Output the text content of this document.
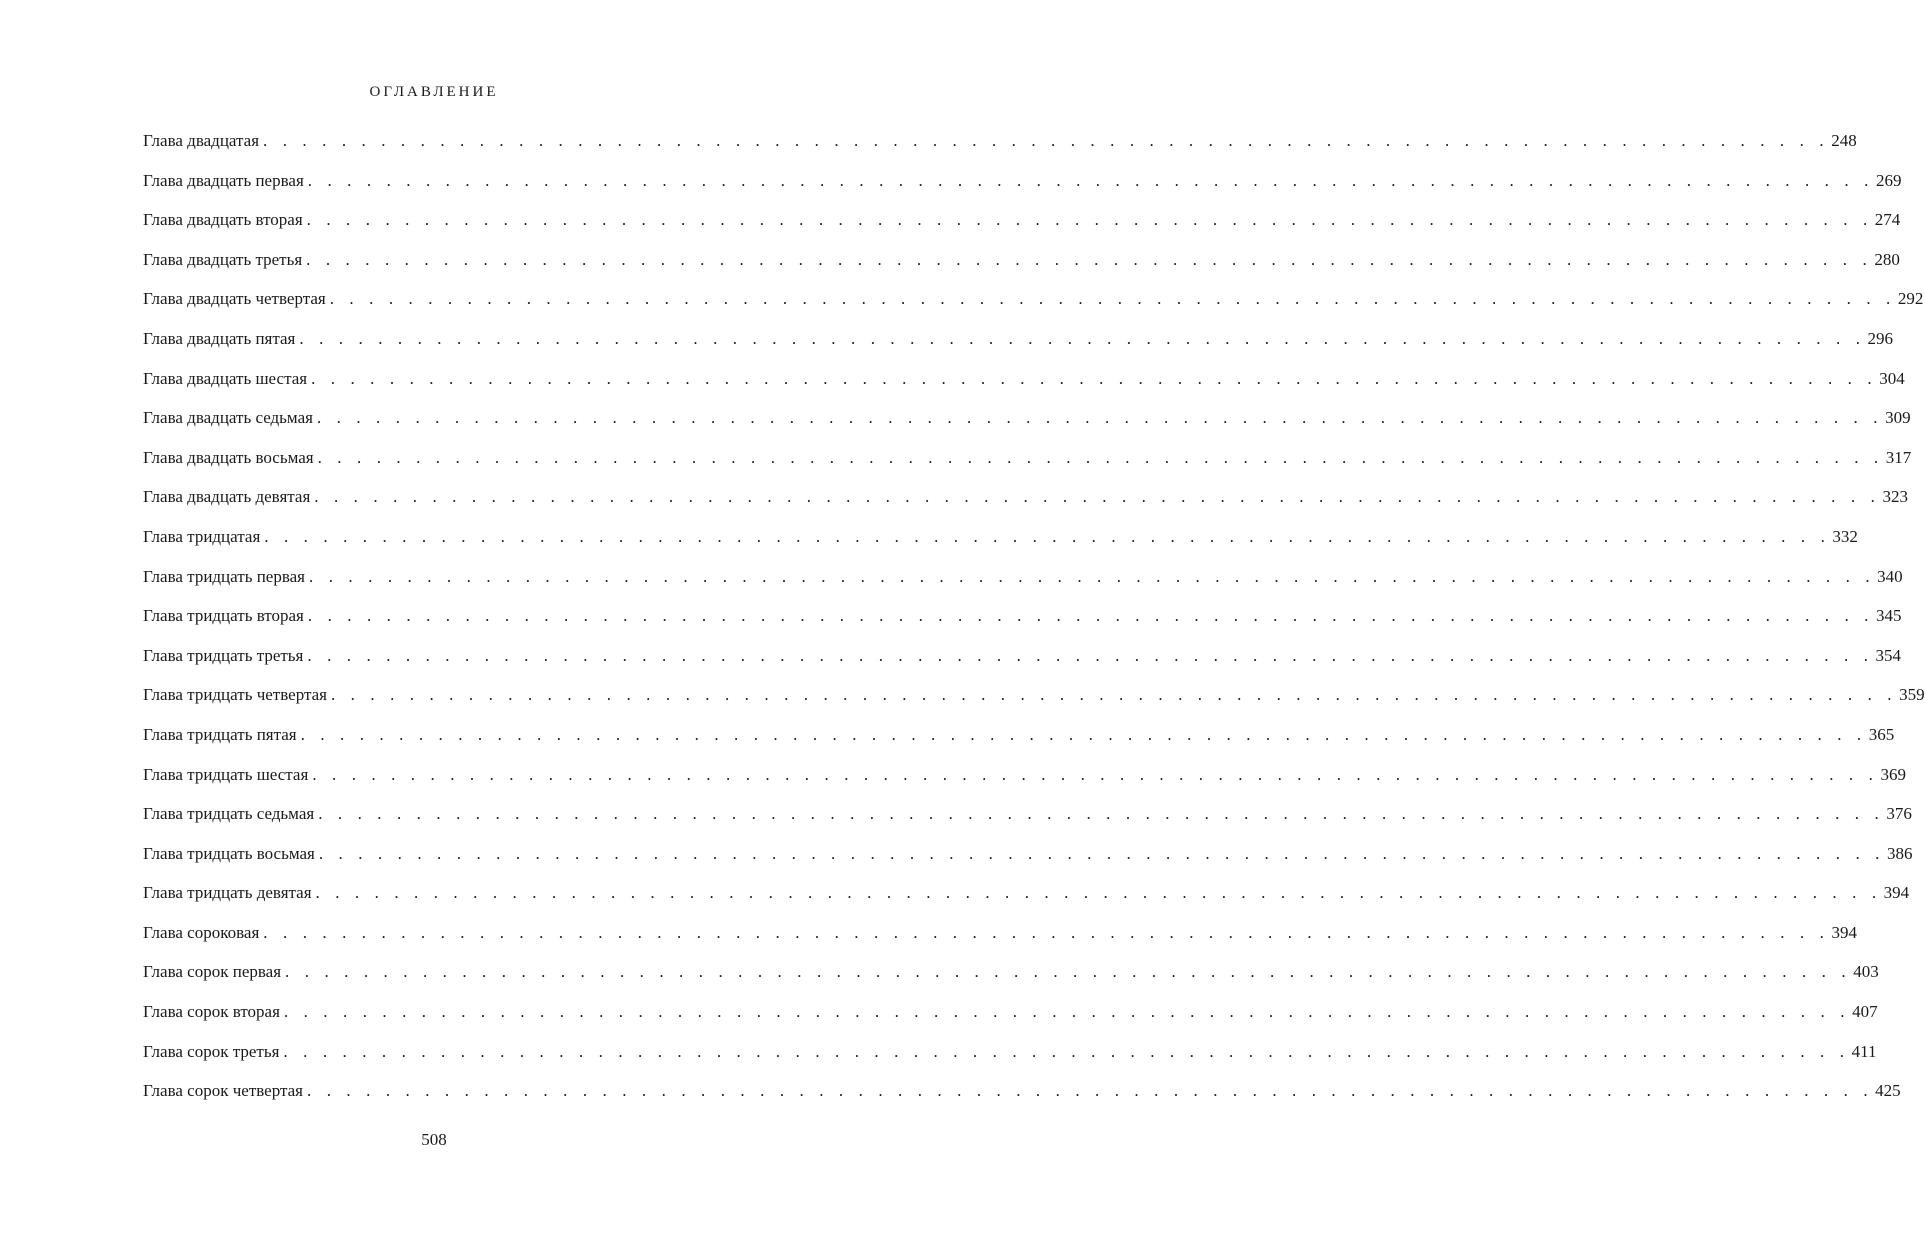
ОГЛАВЛЕНИЕ
Глава двадцатая . . . . . . . . . . . . . . . . . . . . . . . . . . . . . . . . . . . . . . . . . . . . . . . . . . . . . . . . . . . . . . . . . . . . . . . . . . . . . . . . 248
Глава двадцать первая . . . . . . . . . . . . . . . . . . . . . . . . . . . . . . . . . . . . . . . . . . . . . . . . . . . . . . . . . . . . . . . . . . . . . . . . . . . . . . . . 269
Глава двадцать вторая . . . . . . . . . . . . . . . . . . . . . . . . . . . . . . . . . . . . . . . . . . . . . . . . . . . . . . . . . . . . . . . . . . . . . . . . . . . . . . . . 274
Глава двадцать третья . . . . . . . . . . . . . . . . . . . . . . . . . . . . . . . . . . . . . . . . . . . . . . . . . . . . . . . . . . . . . . . . . . . . . . . . . . . . . . . . 280
Глава двадцать четвертая . . . . . . . . . . . . . . . . . . . . . . . . . . . . . . . . . . . . . . . . . . . . . . . . . . . . . . . . . . . . . . . . . . . . . . . . . . . . . . . . 292
Глава двадцать пятая . . . . . . . . . . . . . . . . . . . . . . . . . . . . . . . . . . . . . . . . . . . . . . . . . . . . . . . . . . . . . . . . . . . . . . . . . . . . . . . . 296
Глава двадцать шестая . . . . . . . . . . . . . . . . . . . . . . . . . . . . . . . . . . . . . . . . . . . . . . . . . . . . . . . . . . . . . . . . . . . . . . . . . . . . . . . . 304
Глава двадцать седьмая . . . . . . . . . . . . . . . . . . . . . . . . . . . . . . . . . . . . . . . . . . . . . . . . . . . . . . . . . . . . . . . . . . . . . . . . . . . . . . . . 309
Глава двадцать восьмая . . . . . . . . . . . . . . . . . . . . . . . . . . . . . . . . . . . . . . . . . . . . . . . . . . . . . . . . . . . . . . . . . . . . . . . . . . . . . . . . 317
Глава двадцать девятая . . . . . . . . . . . . . . . . . . . . . . . . . . . . . . . . . . . . . . . . . . . . . . . . . . . . . . . . . . . . . . . . . . . . . . . . . . . . . . . . 323
Глава тридцатая . . . . . . . . . . . . . . . . . . . . . . . . . . . . . . . . . . . . . . . . . . . . . . . . . . . . . . . . . . . . . . . . . . . . . . . . . . . . . . . . 332
Глава тридцать первая . . . . . . . . . . . . . . . . . . . . . . . . . . . . . . . . . . . . . . . . . . . . . . . . . . . . . . . . . . . . . . . . . . . . . . . . . . . . . . . . 340
Глава тридцать вторая . . . . . . . . . . . . . . . . . . . . . . . . . . . . . . . . . . . . . . . . . . . . . . . . . . . . . . . . . . . . . . . . . . . . . . . . . . . . . . . . 345
Глава тридцать третья . . . . . . . . . . . . . . . . . . . . . . . . . . . . . . . . . . . . . . . . . . . . . . . . . . . . . . . . . . . . . . . . . . . . . . . . . . . . . . . . 354
Глава тридцать четвертая . . . . . . . . . . . . . . . . . . . . . . . . . . . . . . . . . . . . . . . . . . . . . . . . . . . . . . . . . . . . . . . . . . . . . . . . . . . . . . . . 359
Глава тридцать пятая . . . . . . . . . . . . . . . . . . . . . . . . . . . . . . . . . . . . . . . . . . . . . . . . . . . . . . . . . . . . . . . . . . . . . . . . . . . . . . . . 365
Глава тридцать шестая . . . . . . . . . . . . . . . . . . . . . . . . . . . . . . . . . . . . . . . . . . . . . . . . . . . . . . . . . . . . . . . . . . . . . . . . . . . . . . . . 369
Глава тридцать седьмая . . . . . . . . . . . . . . . . . . . . . . . . . . . . . . . . . . . . . . . . . . . . . . . . . . . . . . . . . . . . . . . . . . . . . . . . . . . . . . . . 376
Глава тридцать восьмая . . . . . . . . . . . . . . . . . . . . . . . . . . . . . . . . . . . . . . . . . . . . . . . . . . . . . . . . . . . . . . . . . . . . . . . . . . . . . . . . 386
Глава тридцать девятая . . . . . . . . . . . . . . . . . . . . . . . . . . . . . . . . . . . . . . . . . . . . . . . . . . . . . . . . . . . . . . . . . . . . . . . . . . . . . . . . 394
Глава сороковая . . . . . . . . . . . . . . . . . . . . . . . . . . . . . . . . . . . . . . . . . . . . . . . . . . . . . . . . . . . . . . . . . . . . . . . . . . . . . . . . 394
Глава сорок первая . . . . . . . . . . . . . . . . . . . . . . . . . . . . . . . . . . . . . . . . . . . . . . . . . . . . . . . . . . . . . . . . . . . . . . . . . . . . . . . . 403
Глава сорок вторая . . . . . . . . . . . . . . . . . . . . . . . . . . . . . . . . . . . . . . . . . . . . . . . . . . . . . . . . . . . . . . . . . . . . . . . . . . . . . . . . 407
Глава сорок третья . . . . . . . . . . . . . . . . . . . . . . . . . . . . . . . . . . . . . . . . . . . . . . . . . . . . . . . . . . . . . . . . . . . . . . . . . . . . . . . . 411
Глава сорок четвертая . . . . . . . . . . . . . . . . . . . . . . . . . . . . . . . . . . . . . . . . . . . . . . . . . . . . . . . . . . . . . . . . . . . . . . . . . . . . . . . . 425
508
